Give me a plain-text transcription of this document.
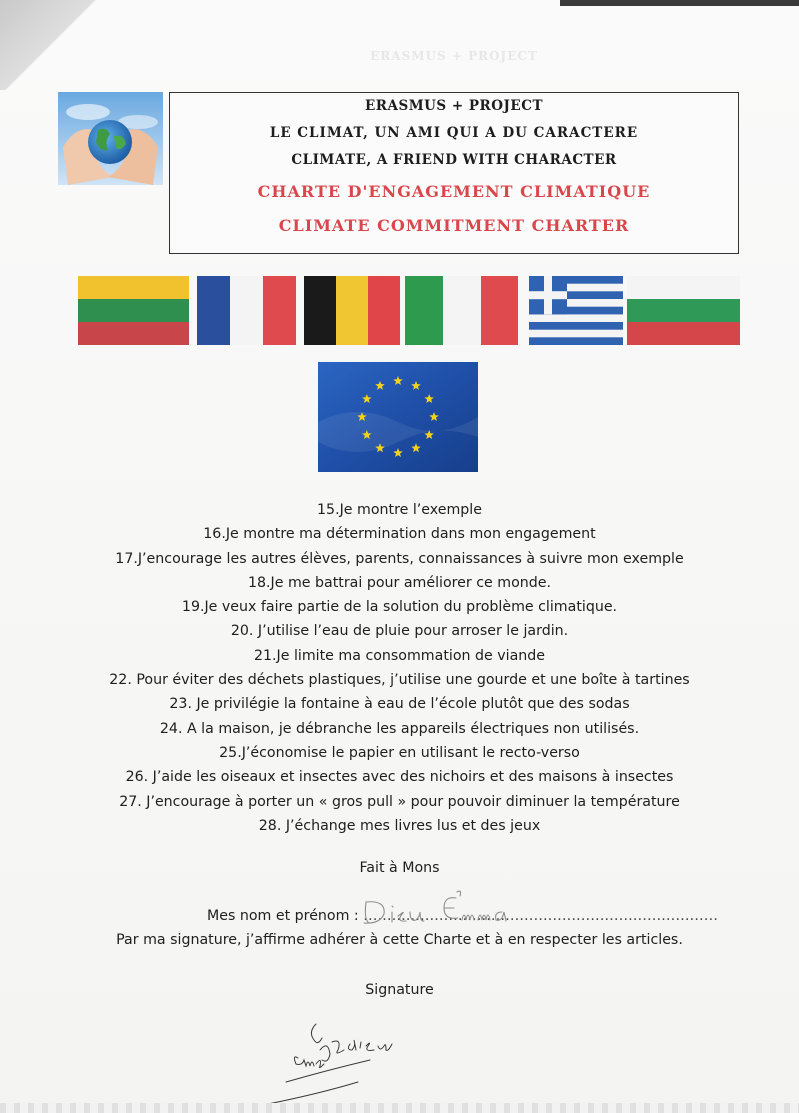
ERASMUS + PROJECT
ERASMUS + PROJECT
LE CLIMAT, UN AMI QUI A DU CARACTERE
CLIMATE, A FRIEND WITH CHARACTER
CHARTE D'ENGAGEMENT CLIMATIQUE
CLIMATE COMMITMENT CHARTER
15.Je montre l’exemple
16.Je montre ma détermination dans mon engagement
17.J’encourage les autres élèves, parents, connaissances à suivre mon exemple
18.Je me battrai pour améliorer ce monde.
19.Je veux faire partie de la solution du problème climatique.
20. J’utilise l’eau de pluie pour arroser le jardin.
21.Je limite ma consommation de viande
22. Pour éviter des déchets plastiques, j’utilise une gourde et une boîte à tartines
23. Je privilégie la fontaine à eau de l’école plutôt que des sodas
24. A la maison, je débranche les appareils électriques non utilisés.
25.J’économise le papier en utilisant le recto-verso
26. J’aide les oiseaux et insectes avec des nichoirs et des maisons à insectes
27. J’encourage à porter un « gros pull » pour pouvoir diminuer la température
28. J’échange mes livres lus et des jeux
Fait à Mons
Mes nom et prénom : …………………………………………………………………
Par ma signature, j’affirme adhérer à cette Charte et à en respecter les articles.
Signature
